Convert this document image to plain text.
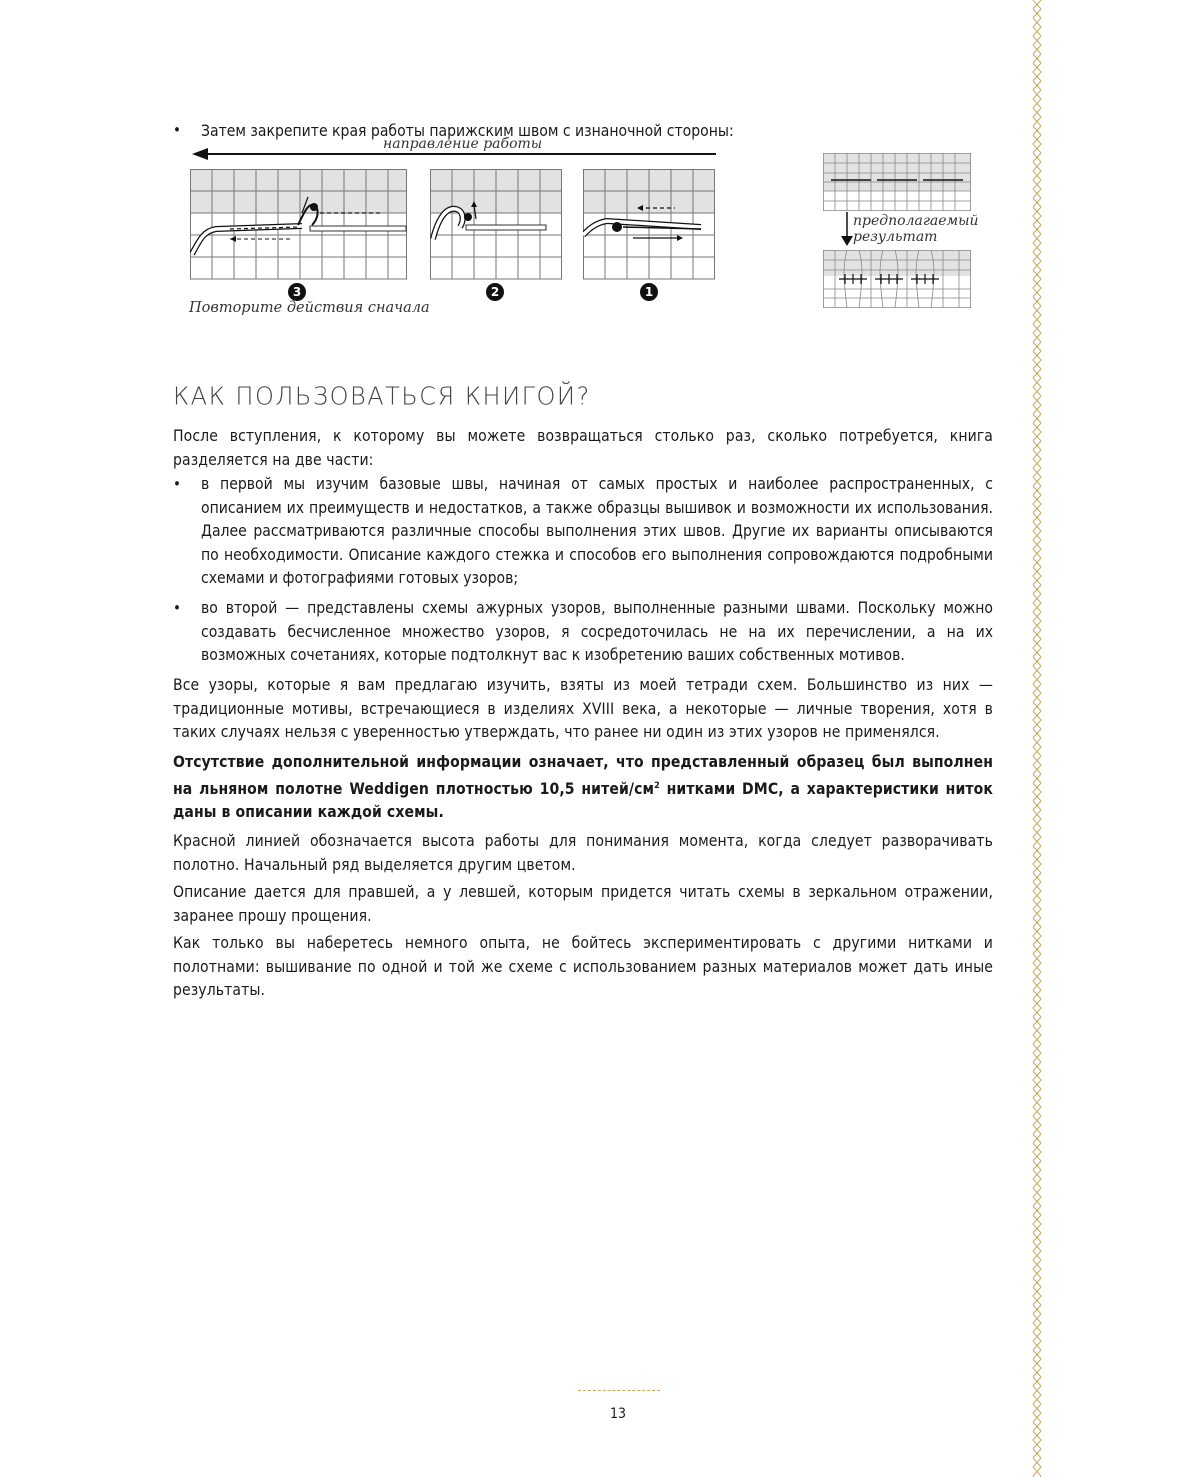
• Затем закрепите края работы парижским швом с изнаночной стороны:

направление работы
3	2	1
Повторите действия сначала
предполагаемый
результат
КАК ПОЛЬЗОВАТЬСЯ КНИГОЙ?

После вступления, к которому вы можете возвращаться столько раз, сколько потребуется, книга разделяется на две части:

• в первой мы изучим базовые швы, начиная от самых простых и наиболее распространенных, с описанием их преимуществ и недостатков, а также образцы вышивок и возможности их использования. Далее рассматриваются различные способы выполнения этих швов. Другие их варианты описываются по необходимости. Описание каждого стежка и способов его выполнения сопровождаются подробными схемами и фотографиями готовых узоров;

• во второй — представлены схемы ажурных узоров, выполненные разными швами. Поскольку можно создавать бесчисленное множество узоров, я сосредоточилась не на их перечислении, а на их возможных сочетаниях, которые подтолкнут вас к изобретению ваших собственных мотивов.

Все узоры, которые я вам предлагаю изучить, взяты из моей тетради схем. Большинство из них — традиционные мотивы, встречающиеся в изделиях XVIII века, а некоторые — личные творения, хотя в таких случаях нельзя с уверенностью утверждать, что ранее ни один из этих узоров не применялся.

Отсутствие дополнительной информации означает, что представленный образец был выполнен на льняном полотне Weddigen плотностью 10,5 нитей/$см^2$ нитками DMC, а характеристики ниток даны в описании каждой схемы.

Красной линией обозначается высота работы для понимания момента, когда следует разворачивать полотно. Начальный ряд выделяется другим цветом.

Описание дается для правшей, а у левшей, которым придется читать схемы в зеркальном отражении, заранее прошу прощения.

Как только вы наберетесь немного опыта, не бойтесь экспериментировать с другими нитками и полотнами: вышивание по одной и той же схеме с использованием разных материалов может дать иные результаты.

13
